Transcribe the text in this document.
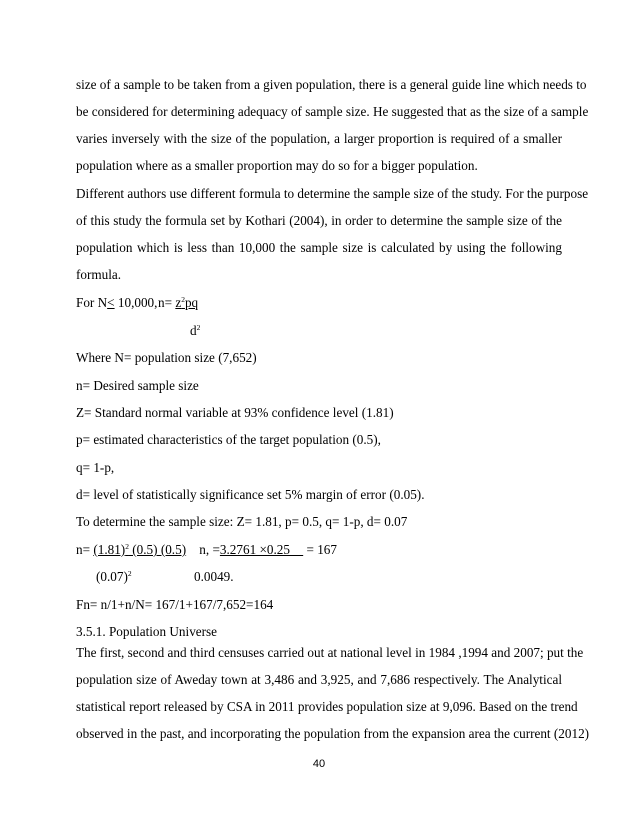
size of a sample to be taken from a given population, there is a general guide line which needs to
be considered for determining adequacy of sample size. He suggested that as the size of a sample
varies inversely with the size of the population, a larger proportion is required of a smaller
population where as a smaller proportion may do so for a bigger population.
Different authors use different formula to determine the sample size of the study. For the purpose
of this study the formula set by Kothari (2004), in order to determine the sample size of the
population which is less than 10,000 the sample size is calculated by using the following
formula.
For N< 10,000, $n= z^2pq$
$d^2$
Where N= population size (7,652)
n= Desired sample size
Z= Standard normal variable at 93% confidence level (1.81)
p= estimated characteristics of the target population (0.5),
q= 1-p,
d= level of statistically significance set 5% margin of error (0.05).
To determine the sample size: Z= 1.81, p= 0.5, q= 1-p, d= 0.07
$n= (1.81)^2$ (0.5) (0.5)    n, =3.2761 ×0.25     = 167
$(0.07)^2$	0.0049.
Fn= n/1+n/N= 167/1+167/7,652=164
3.5.1. Population Universe
The first, second and third censuses carried out at national level in 1984 ,1994 and 2007; put the
population size of Aweday town at 3,486 and 3,925, and 7,686 respectively. The Analytical
statistical report released by CSA in 2011 provides population size at 9,096. Based on the trend
observed in the past, and incorporating the population from the expansion area the current (2012)
40
